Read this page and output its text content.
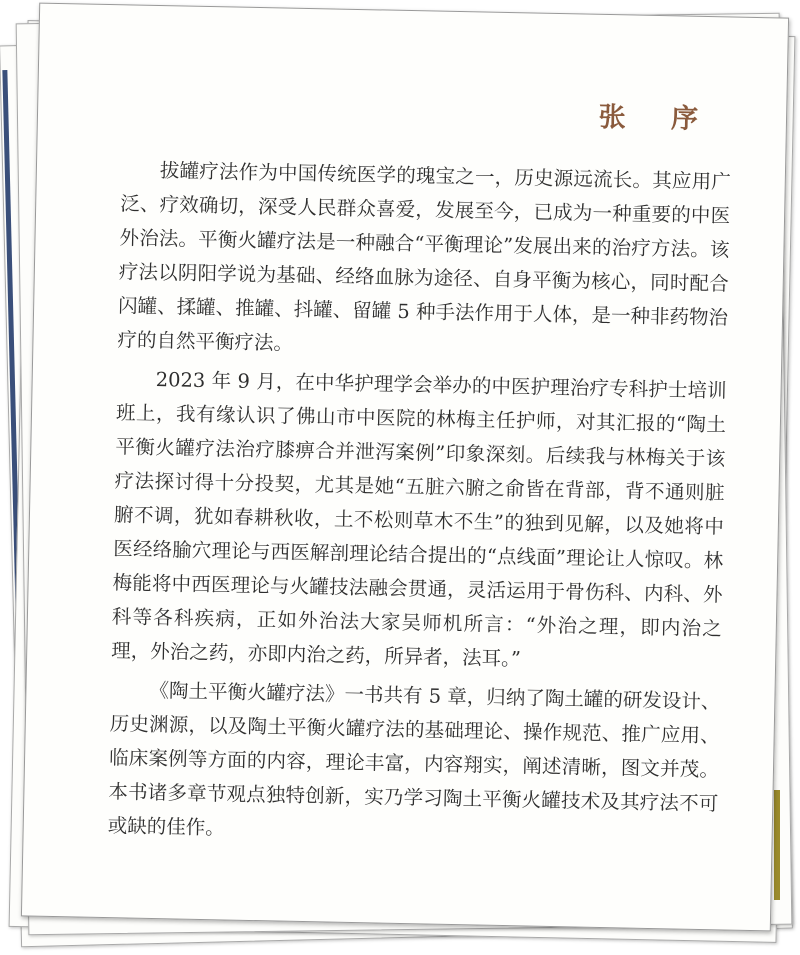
张 序

拔罐疗法作为中国传统医学的瑰宝之一，历史源远流长。其应用广泛、疗效确切，深受人民群众喜爱，发展至今，已成为一种重要的中医外治法。平衡火罐疗法是一种融合“平衡理论”发展出来的治疗方法。该疗法以阴阳学说为基础、经络血脉为途径、自身平衡为核心，同时配合闪罐、揉罐、推罐、抖罐、留罐 5 种手法作用于人体，是一种非药物治疗的自然平衡疗法。

2023 年 9 月，在中华护理学会举办的中医护理治疗专科护士培训班上，我有缘认识了佛山市中医院的林梅主任护师，对其汇报的“陶土平衡火罐疗法治疗膝痹合并泄泻案例”印象深刻。后续我与林梅关于该疗法探讨得十分投契，尤其是她“五脏六腑之俞皆在背部，背不通则脏腑不调，犹如春耕秋收，土不松则草木不生”的独到见解，以及她将中医经络腧穴理论与西医解剖理论结合提出的“点线面”理论让人惊叹。林梅能将中西医理论与火罐技法融会贯通，灵活运用于骨伤科、内科、外科等各科疾病，正如外治法大家吴师机所言：“外治之理，即内治之理，外治之药，亦即内治之药，所异者，法耳。”

《陶土平衡火罐疗法》一书共有 5 章，归纳了陶土罐的研发设计、历史渊源，以及陶土平衡火罐疗法的基础理论、操作规范、推广应用、临床案例等方面的内容，理论丰富，内容翔实，阐述清晰，图文并茂。本书诸多章节观点独特创新，实乃学习陶土平衡火罐技术及其疗法不可或缺的佳作。
